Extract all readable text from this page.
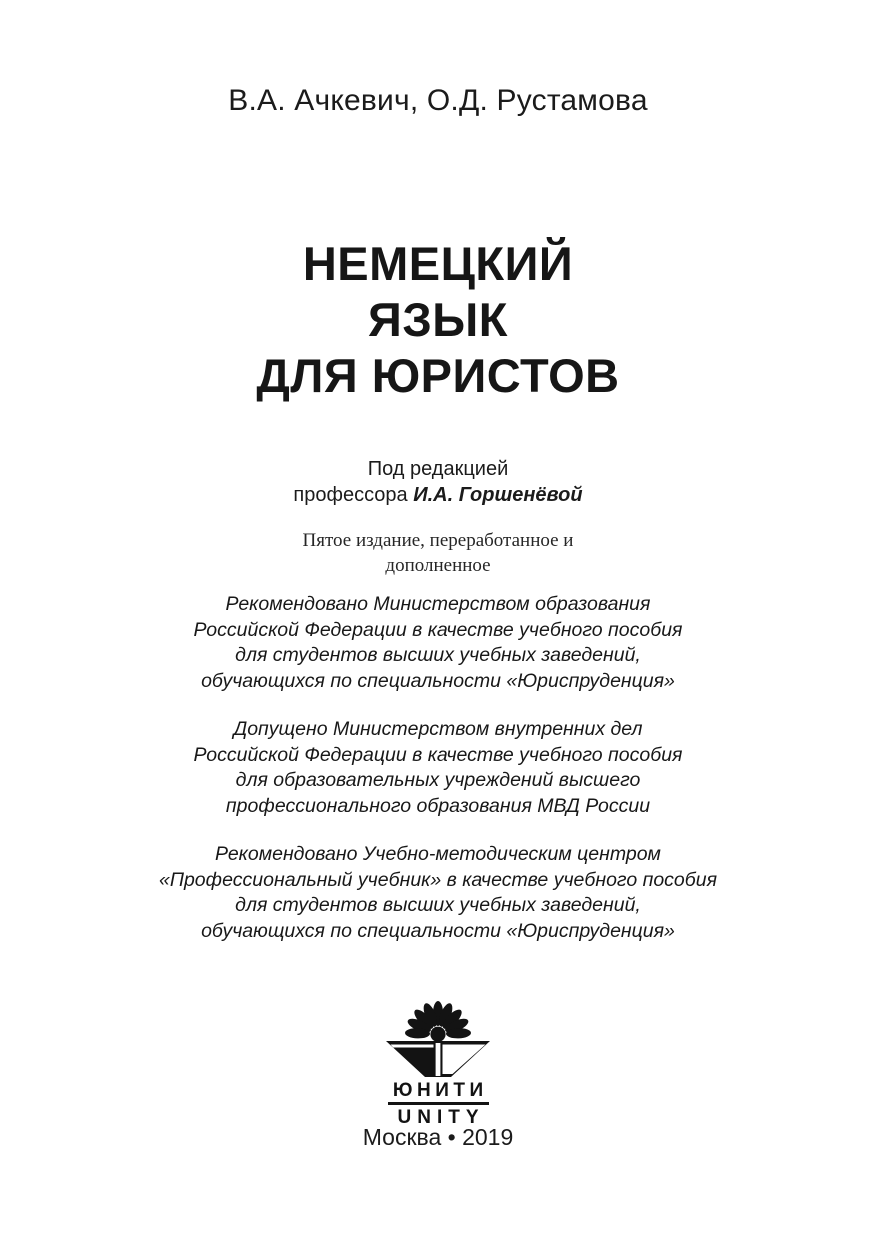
В.А. Ачкевич, О.Д. Рустамова
НЕМЕЦКИЙ
ЯЗЫК
ДЛЯ ЮРИСТОВ
Под редакцией
профессора И.А. Горшенёвой
Пятое издание, переработанное и
дополненное
Рекомендовано Министерством образования
Российской Федерации в качестве учебного пособия
для студентов высших учебных заведений,
обучающихся по специальности «Юриспруденция»
Допущено Министерством внутренних дел
Российской Федерации в качестве учебного пособия
для образовательных учреждений высшего
профессионального образования МВД России
Рекомендовано Учебно-методическим центром
«Профессиональный учебник» в качестве учебного пособия
для студентов высших учебных заведений,
обучающихся по специальности «Юриспруденция»
ЮНИТИ
UNITY
Москва • 2019
